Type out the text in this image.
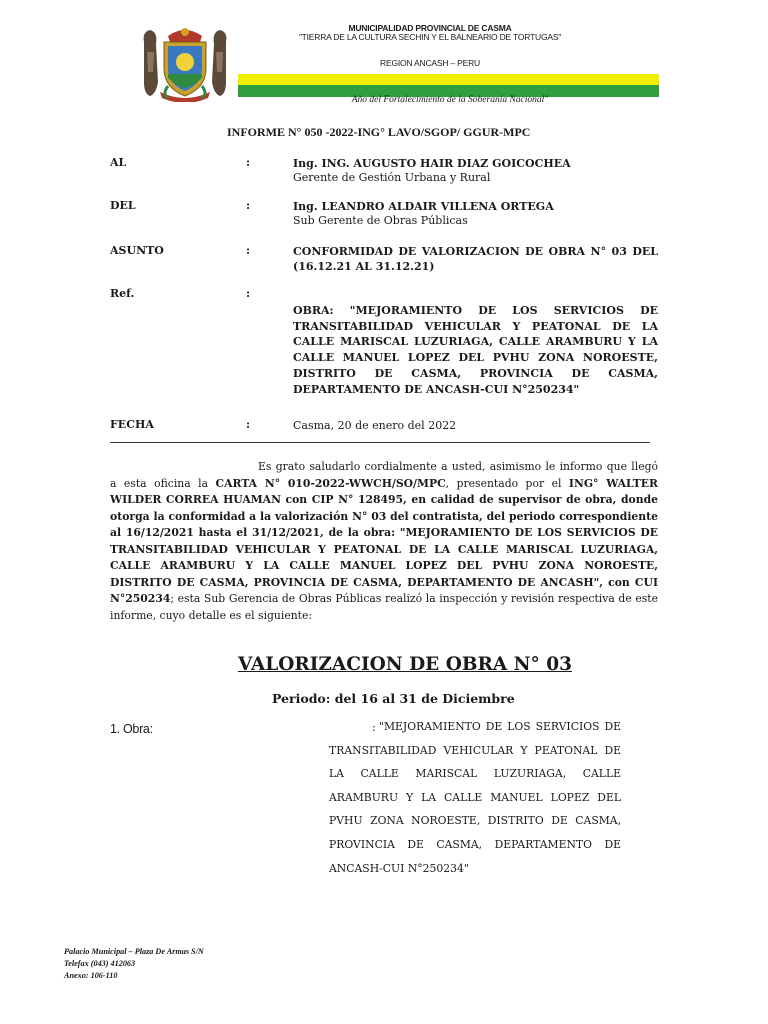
MUNICIPALIDAD PROVINCIAL DE CASMA
"TIERRA DE LA CULTURA SECHIN Y EL BALNEARIO DE TORTUGAS"
REGION ANCASH – PERU
Año del Fortalecimiento de la Soberanía Nacional"
INFORME N° 050 -2022-ING° LAVO/SGOP/ GGUR-MPC
AL	:	Ing. ING. AUGUSTO HAIR DIAZ GOICOCHEA
Gerente de Gestión Urbana y Rural
DEL	:	Ing. LEANDRO ALDAIR VILLENA ORTEGA
Sub Gerente de Obras Públicas
ASUNTO	:	CONFORMIDAD DE VALORIZACION DE OBRA N° 03 DEL (16.12.21 AL 31.12.21)
Ref.	:
OBRA: "MEJORAMIENTO DE LOS SERVICIOS DE TRANSITABILIDAD VEHICULAR Y PEATONAL DE LA CALLE MARISCAL LUZURIAGA, CALLE ARAMBURU Y LA CALLE MANUEL LOPEZ DEL PVHU ZONA NOROESTE, DISTRITO DE CASMA, PROVINCIA DE CASMA, DEPARTAMENTO DE ANCASH-CUI N°250234"
FECHA	:	Casma, 20 de enero del 2022
Es grato saludarlo cordialmente a usted, asimismo le informo que llegó a esta oficina la CARTA N° 010-2022-WWCH/SO/MPC, presentado por el ING° WALTER WILDER CORREA HUAMAN con CIP N° 128495, en calidad de supervisor de obra, donde otorga la conformidad a la valorización N° 03 del contratista, del periodo correspondiente al 16/12/2021 hasta el 31/12/2021, de la obra: "MEJORAMIENTO DE LOS SERVICIOS DE TRANSITABILIDAD VEHICULAR Y PEATONAL DE LA CALLE MARISCAL LUZURIAGA, CALLE ARAMBURU Y LA CALLE MANUEL LOPEZ DEL PVHU ZONA NOROESTE, DISTRITO DE CASMA, PROVINCIA DE CASMA, DEPARTAMENTO DE ANCASH", con CUI N°250234; esta Sub Gerencia de Obras Públicas realizó la inspección y revisión respectiva de este informe, cuyo detalle es el siguiente:
VALORIZACION DE OBRA N° 03
Periodo: del 16 al 31 de Diciembre
1. Obra:	: "MEJORAMIENTO DE LOS SERVICIOS DE TRANSITABILIDAD VEHICULAR Y PEATONAL DE LA CALLE MARISCAL LUZURIAGA, CALLE ARAMBURU Y LA CALLE MANUEL LOPEZ DEL PVHU ZONA NOROESTE, DISTRITO DE CASMA, PROVINCIA DE CASMA, DEPARTAMENTO DE ANCASH-CUI N°250234"
Palacio Municipal – Plaza De Armas S/N
Telefax (043) 412063
Anexo: 106-110
